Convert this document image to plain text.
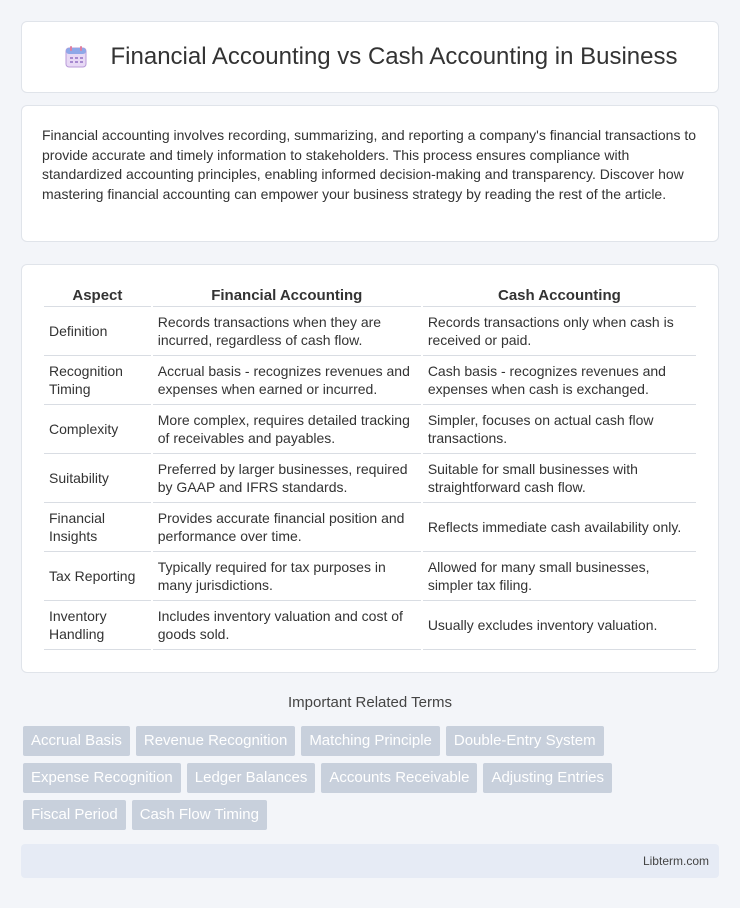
Financial Accounting vs Cash Accounting in Business

Financial accounting involves recording, summarizing, and reporting a company's financial transactions to provide accurate and timely information to stakeholders. This process ensures compliance with standardized accounting principles, enabling informed decision-making and transparency. Discover how mastering financial accounting can empower your business strategy by reading the rest of the article.

Aspect	Financial Accounting	Cash Accounting
Definition	Records transactions when they are incurred, regardless of cash flow.	Records transactions only when cash is received or paid.
Recognition Timing	Accrual basis - recognizes revenues and expenses when earned or incurred.	Cash basis - recognizes revenues and expenses when cash is exchanged.
Complexity	More complex, requires detailed tracking of receivables and payables.	Simpler, focuses on actual cash flow transactions.
Suitability	Preferred by larger businesses, required by GAAP and IFRS standards.	Suitable for small businesses with straightforward cash flow.
Financial Insights	Provides accurate financial position and performance over time.	Reflects immediate cash availability only.
Tax Reporting	Typically required for tax purposes in many jurisdictions.	Allowed for many small businesses, simpler tax filing.
Inventory Handling	Includes inventory valuation and cost of goods sold.	Usually excludes inventory valuation.
Important Related Terms
Accrual Basis	Revenue Recognition	Matching Principle	Double-Entry System
Expense Recognition	Ledger Balances	Accounts Receivable	Adjusting Entries
Fiscal Period	Cash Flow Timing
Libterm.com
